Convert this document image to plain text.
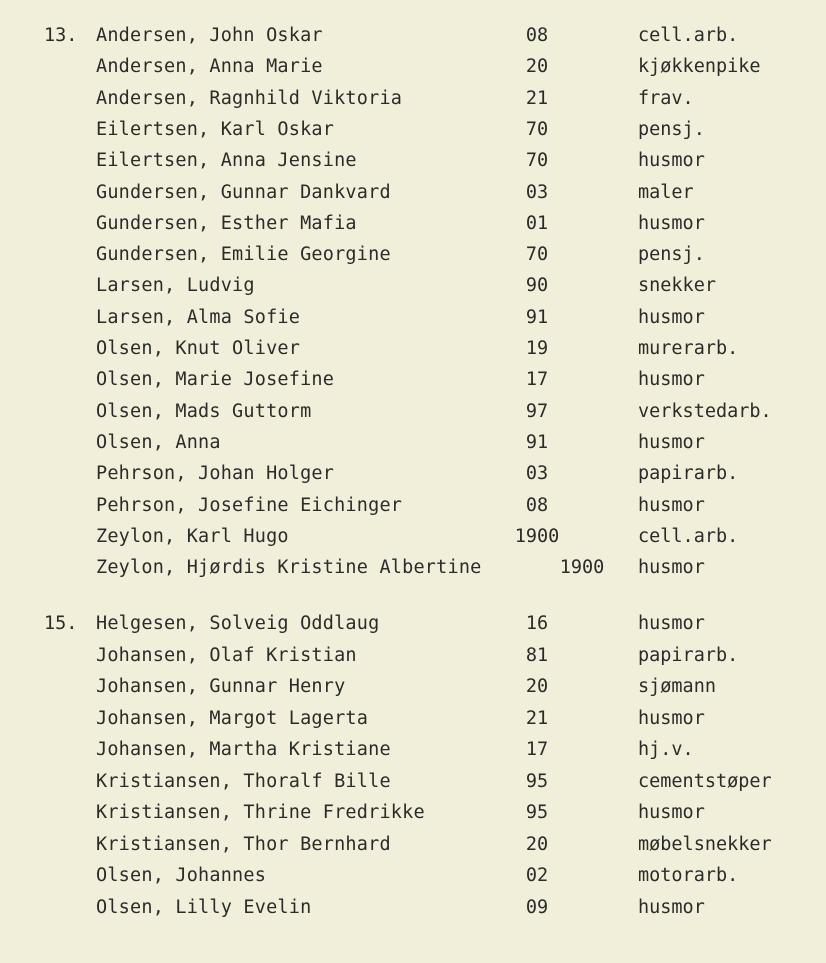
13. Andersen, John Oskar	08	cell.arb.
Andersen, Anna Marie	20	kjøkkenpike
Andersen, Ragnhild Viktoria	21	frav.
Eilertsen, Karl Oskar	70	pensj.
Eilertsen, Anna Jensine	70	husmor
Gundersen, Gunnar Dankvard	03	maler
Gundersen, Esther Mafia	01	husmor
Gundersen, Emilie Georgine	70	pensj.
Larsen, Ludvig	90	snekker
Larsen, Alma Sofie	91	husmor
Olsen, Knut Oliver	19	murerarb.
Olsen, Marie Josefine	17	husmor
Olsen, Mads Guttorm	97	verkstedarb.
Olsen, Anna	91	husmor
Pehrson, Johan Holger	03	papirarb.
Pehrson, Josefine Eichinger	08	husmor
Zeylon, Karl Hugo	1900	cell.arb.
Zeylon, Hjørdis Kristine Albertine	1900	husmor
15. Helgesen, Solveig Oddlaug	16	husmor
Johansen, Olaf Kristian	81	papirarb.
Johansen, Gunnar Henry	20	sjømann
Johansen, Margot Lagerta	21	husmor
Johansen, Martha Kristiane	17	hj.v.
Kristiansen, Thoralf Bille	95	cementstøper
Kristiansen, Thrine Fredrikke	95	husmor
Kristiansen, Thor Bernhard	20	møbelsnekker
Olsen, Johannes	02	motorarb.
Olsen, Lilly Evelin	09	husmor
